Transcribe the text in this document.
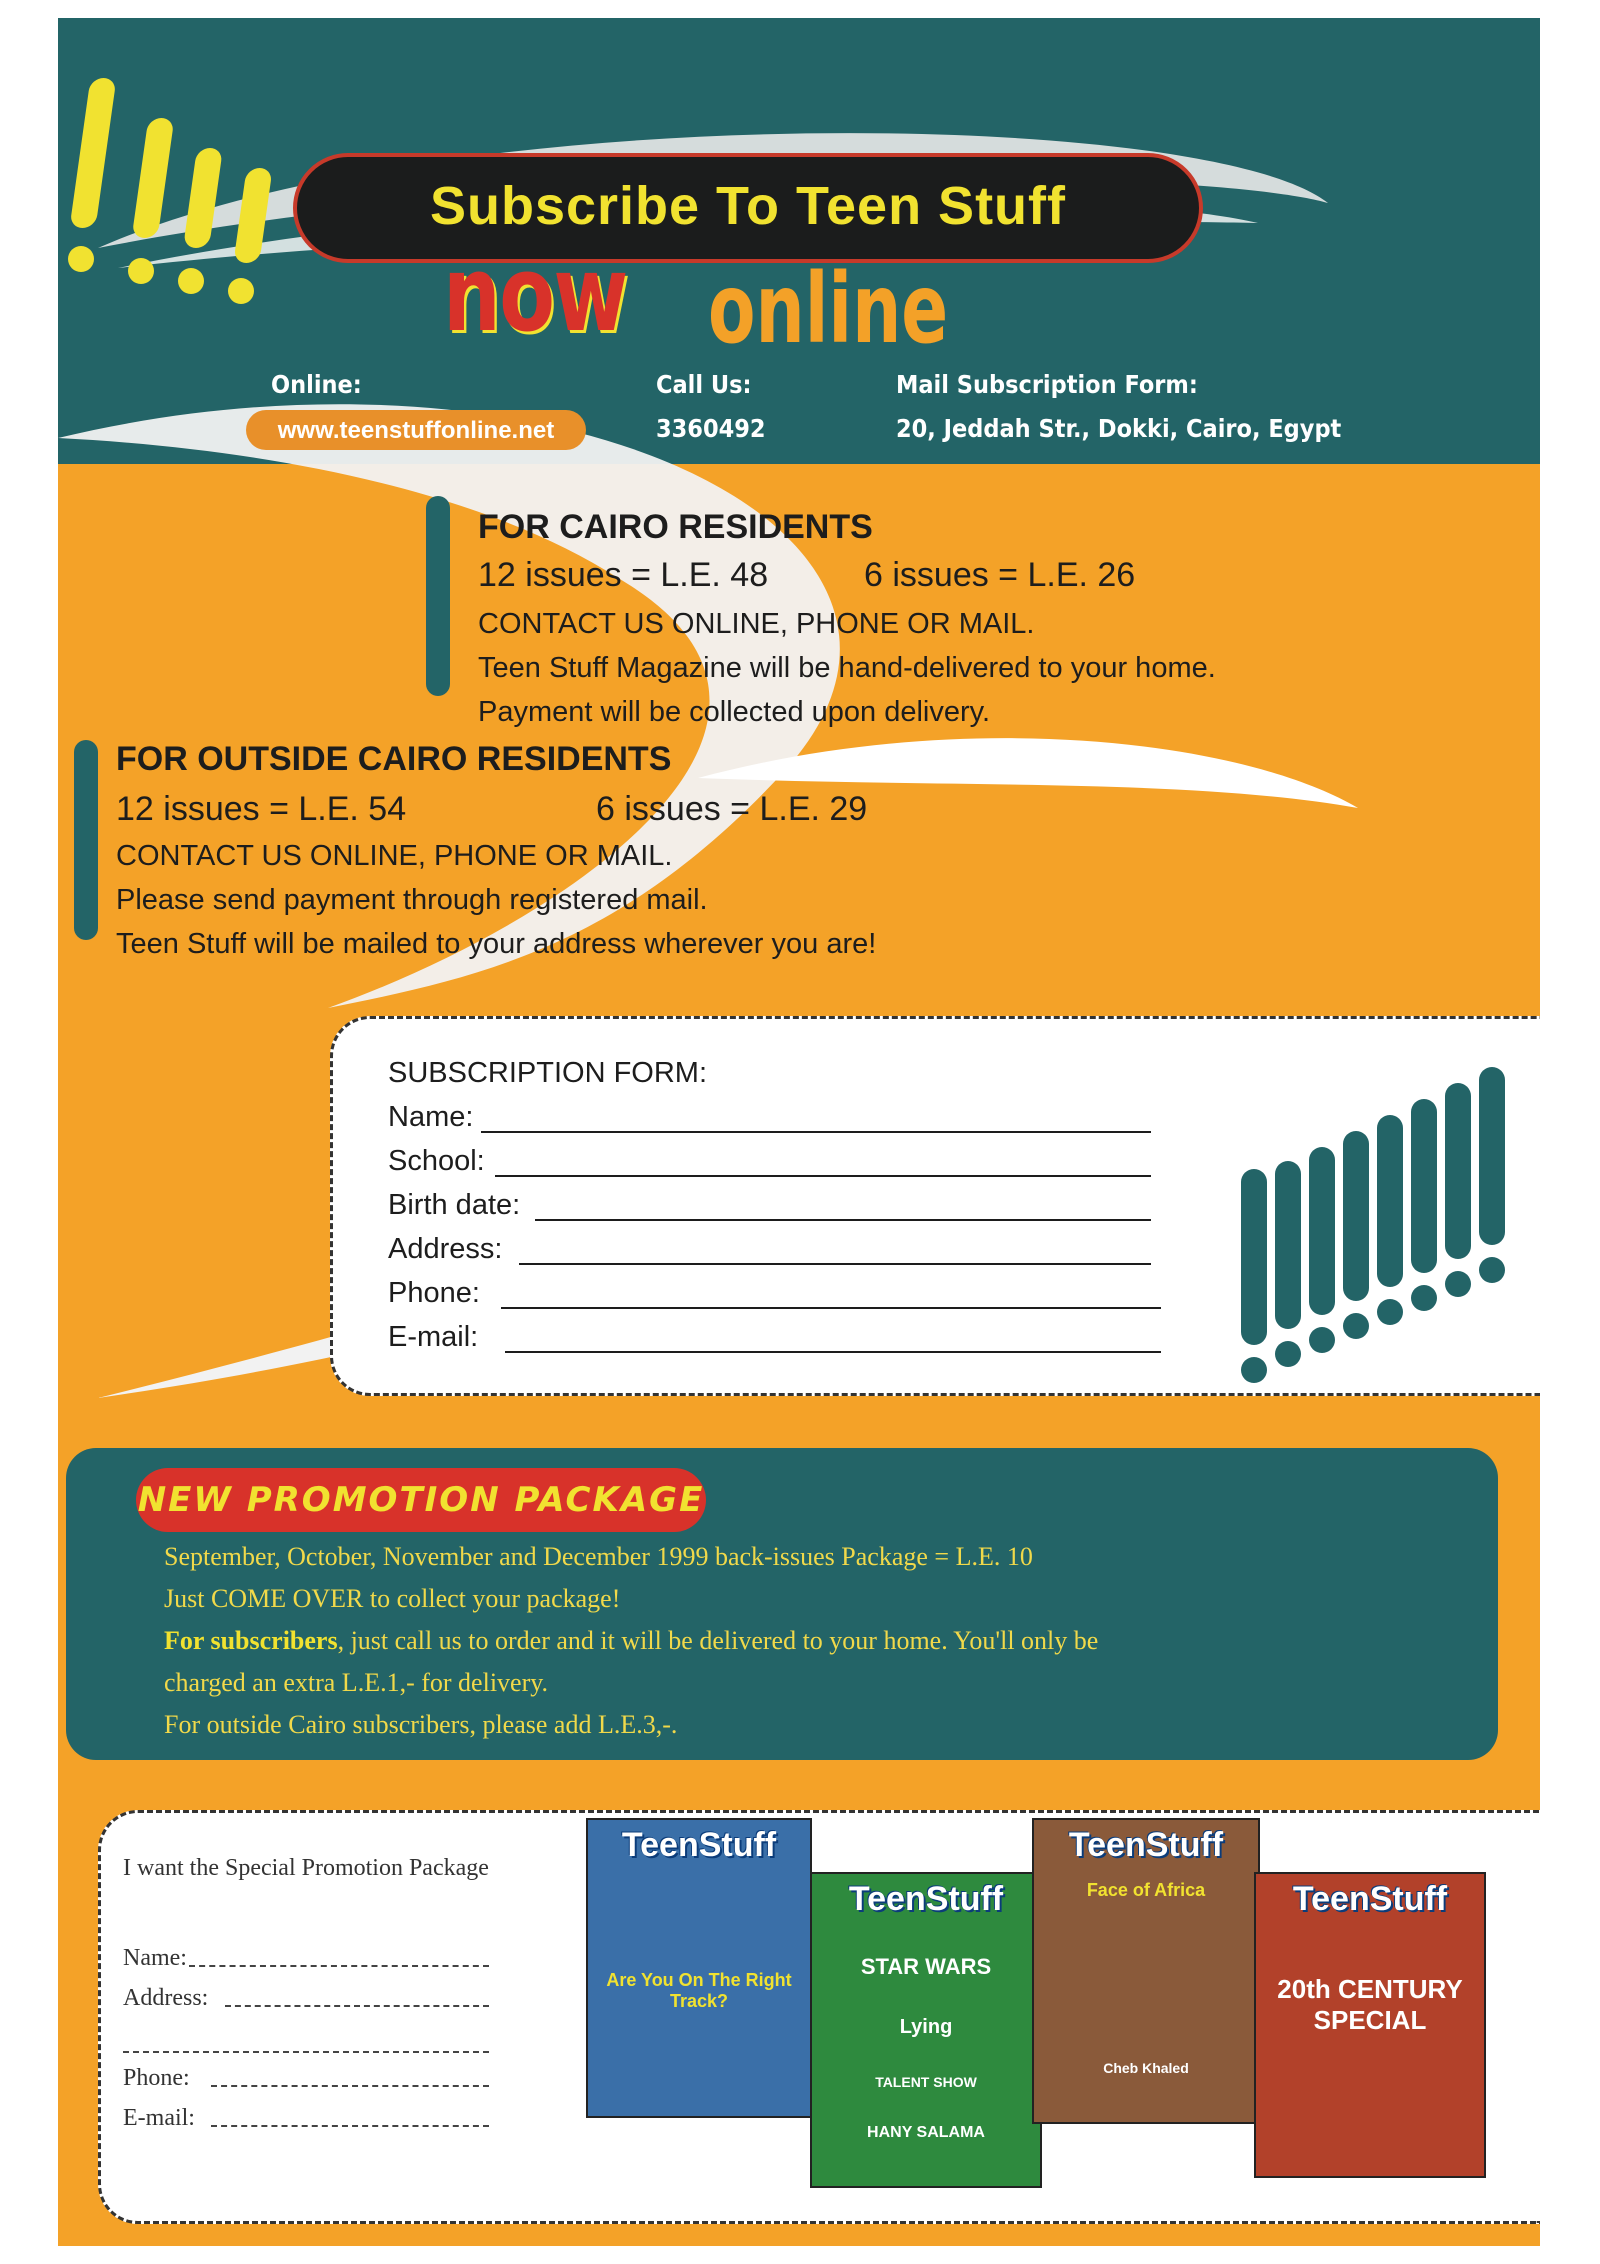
Subscribe To Teen Stuff
now online
Online:
www.teenstuffonline.net
Call Us:
3360492
Mail Subscription Form:
20, Jeddah Str., Dokki, Cairo, Egypt
FOR CAIRO RESIDENTS
12 issues = L.E. 48	6 issues = L.E. 26
CONTACT US ONLINE, PHONE OR MAIL.
Teen Stuff Magazine will be hand-delivered to your home.
Payment will be collected upon delivery.
FOR OUTSIDE CAIRO RESIDENTS
12 issues = L.E. 54	6 issues = L.E. 29
CONTACT US ONLINE, PHONE OR MAIL.
Please send payment through registered mail.
Teen Stuff will be mailed to your address wherever you are!
SUBSCRIPTION FORM:
Name:
School:
Birth date:
Address:
Phone:
E-mail:
NEW PROMOTION PACKAGE
September, October, November and December 1999 back-issues Package = L.E. 10
Just COME OVER to collect your package!
For subscribers, just call us to order and it will be delivered to your home. You'll only be
charged an extra L.E.1,- for delivery.
For outside Cairo subscribers, please add L.E.3,-.
I want the Special Promotion Package
Name:
Address:
Phone:
E-mail:
TeenStuff
Are You On The Right Track?
TeenStuff
STAR WARS
Lying
TALENT SHOW
HANY SALAMA
TeenStuff
Face of Africa
Cheb Khaled
TeenStuff
20th CENTURY SPECIAL
